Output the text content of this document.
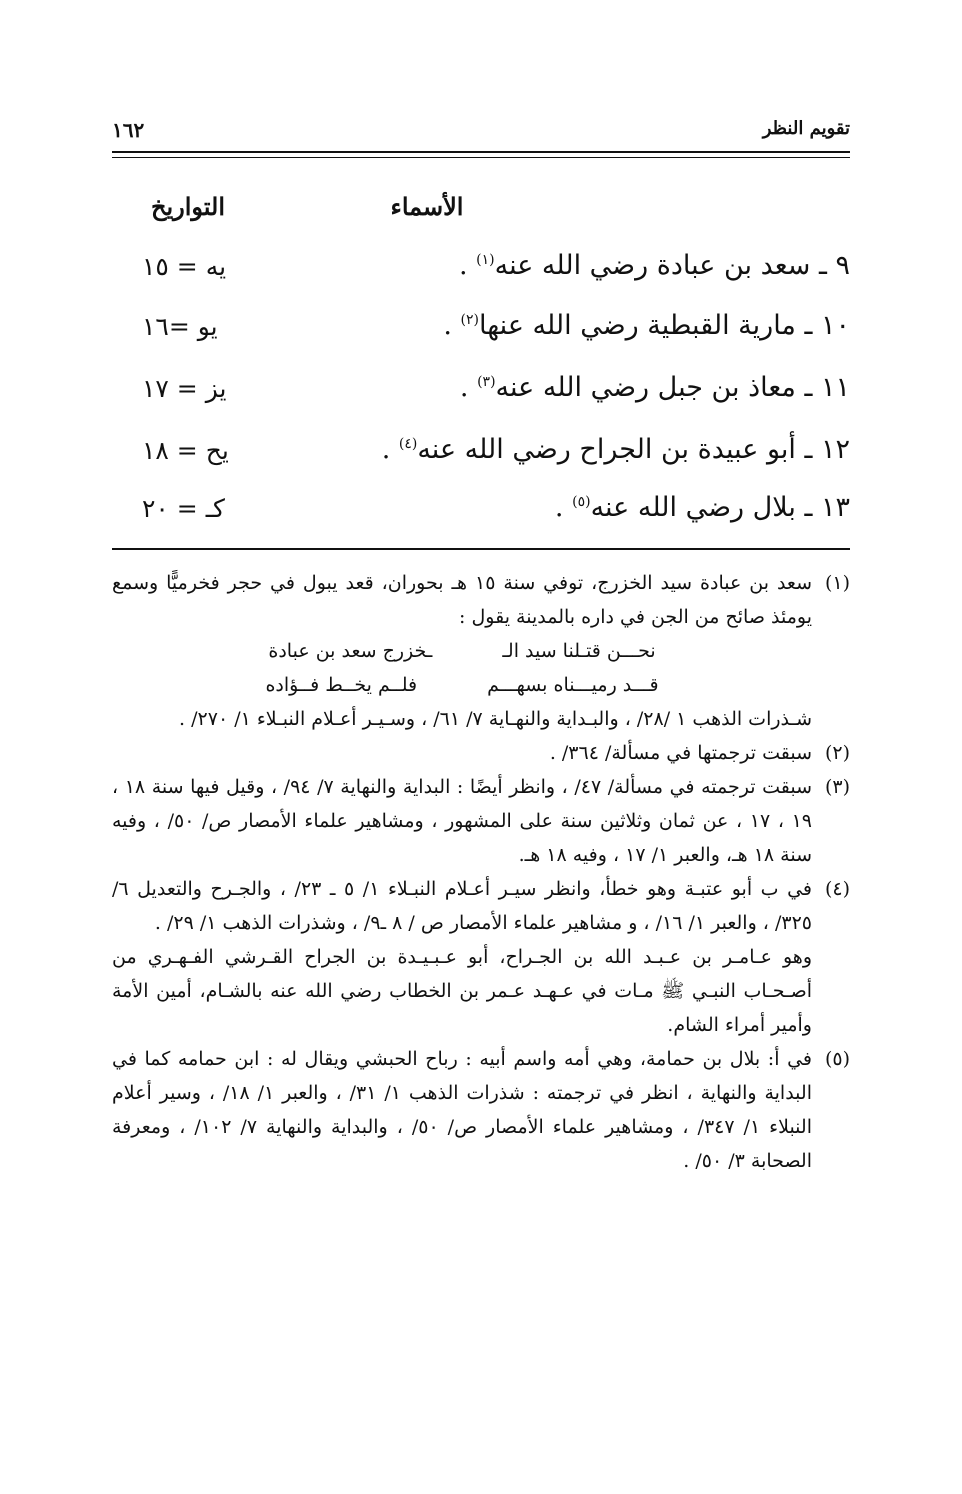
تقويم النظر
١٦٢
الأسماء
التواريخ
٩ ـ سعد بن عبادة رضي الله عنه$^{(١)}$ .
يه = ١٥
١٠ ـ مارية القبطية رضي الله عنها$^{(٢)}$ .
يو =١٦
١١ ـ معاذ بن جبل رضي الله عنه$^{(٣)}$ .
يز = ١٧
١٢ ـ أبو عبيدة بن الجراح رضي الله عنه$^{(٤)}$ .
يح = ١٨
١٣ ـ بلال رضي الله عنه$^{(٥)}$ .
كـ = ٢٠
(١)
سعد بن عبادة سيد الخزرج، توفي سنة ١٥ هـ بحوران، قعد يبول في حجر فخرميًّا وسمع يومئذ صائح من الجن في داره بالمدينة يقول :
نحـــن قتـلنا سيد الـ
ـخزرج سعد بن عبادة
قـــد رميـــناه بسهـــم
فلــم يخــط فــؤاده
شـذرات الذهب ١ /٢٨/ ، والبـداية والنهـاية ٧/ ٦١/ ، وسـيـر أعـلام النبـلاء ١/ ٢٧٠/ .
(٢)
سبقت ترجمتها في مسألة/ ٣٦٤/ .
(٣)
سبقت ترجمته في مسألة/ ٤٧/ ، وانظر أيضًا : البداية والنهاية ٧/ ٩٤/ ، وقيل فيها سنة ١٨ ، ١٩ ، ١٧ ، عن ثمان وثلاثين سنة على المشهور ، ومشاهير علماء الأمصار ص/ ٥٠/ ، وفيه سنة ١٨ هـ، والعبر ١/ ١٧ ، وفيه ١٨ هـ.
(٤)
في ب أبو عتبـة وهو خطأ، وانظر سيـر أعـلام النبـلاء ١/ ٥ ـ ٢٣/ ، والجـرح والتعديل ٦/ ٣٢٥/ ، والعبر ١/ ١٦/ ، و مشاهير علماء الأمصار ص / ٨ ـ٩/ ، وشذرات الذهب ١/ ٢٩/ .
وهو عـامـر بن عـبـد الله بن الجـراح، أبو عـبـيـدة بن الجراح القـرشي الفـهـري من أصـحـاب النبـي ﷺ مـات في عـهـد عـمر بن الخطاب رضي الله عنه بالشـام، أمين الأمة وأمير أمراء الشام.
(٥)
في أ: بلال بن حمامة، وهي أمه واسم أبيه : رباح الحبشي ويقال له : ابن حمامه كما في البداية والنهاية ، انظر في ترجمته : شذرات الذهب ١/ ٣١/ ، والعبر ١/ ١٨/ ، وسير أعلام النبلاء ١/ ٣٤٧/ ، ومشاهير علماء الأمصار ص/ ٥٠/ ، والبداية والنهاية ٧/ ١٠٢/ ، ومعرفة الصحابة ٣/ ٥٠/ .
